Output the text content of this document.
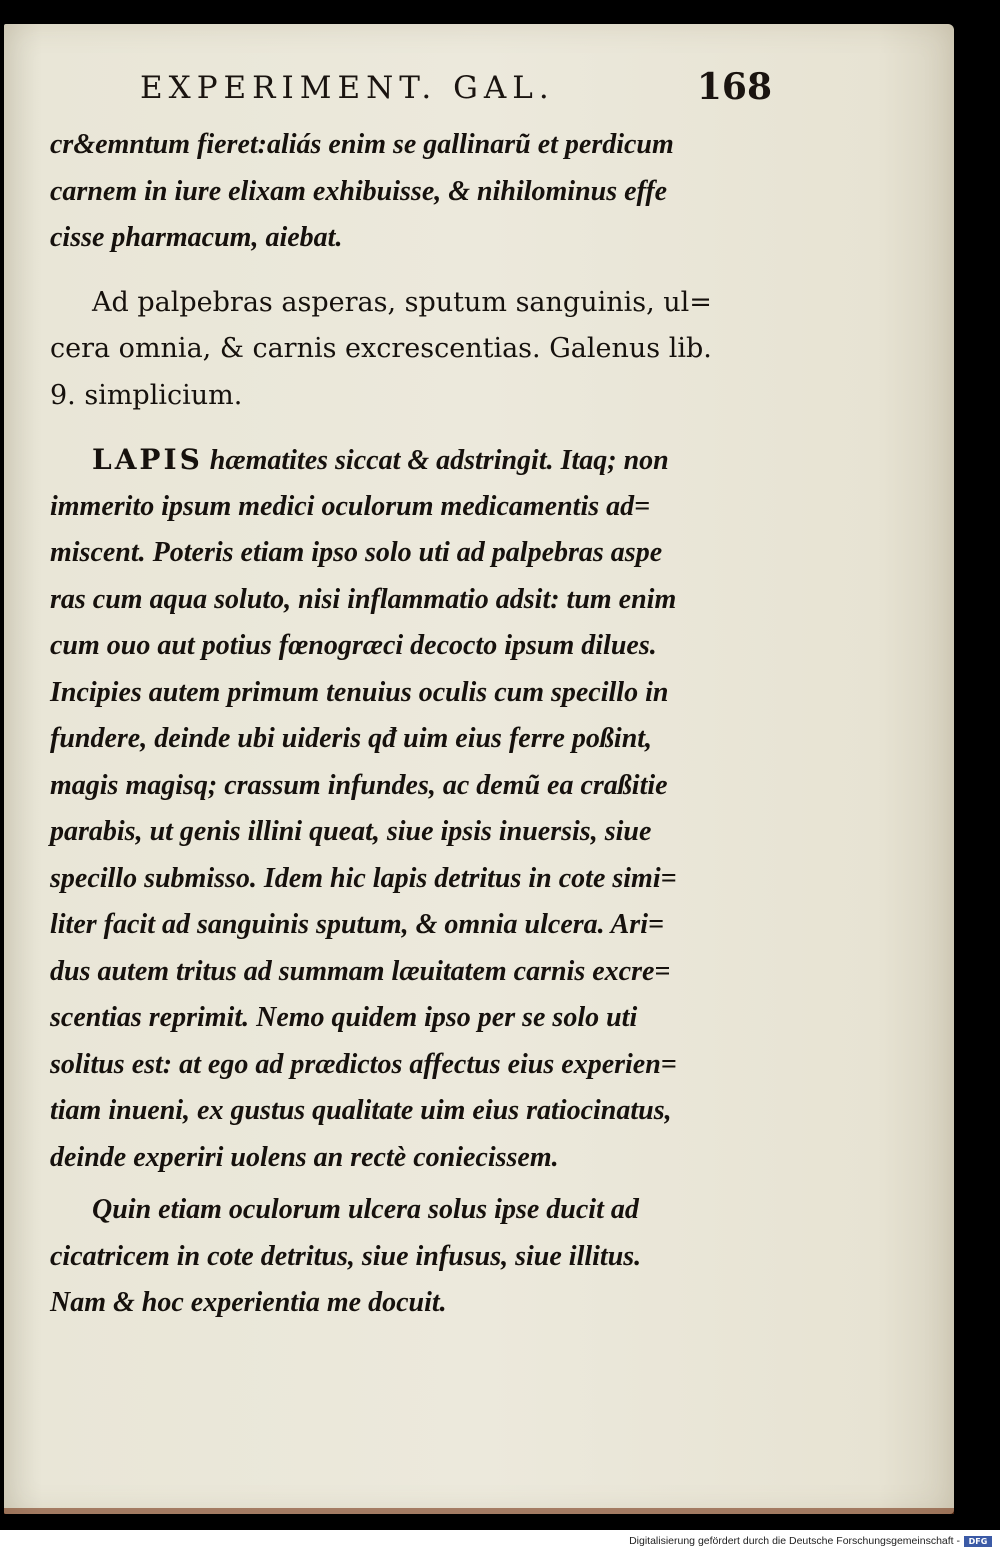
EXPERIMENT. GAL.	168
cr&emntum fieret:aliás enim se gallinarũ et perdicum
carnem in iure elixam exhibuisse, & nihilominus effe
cisse pharmacum, aiebat.
Ad palpebras asperas, sputum sanguinis, ul=
cera omnia, & carnis excrescentias. Galenus lib.
9. simplicium.
LAPIS hæmatites siccat & adstringit. Itaq; non
immerito ipsum medici oculorum medicamentis ad=
miscent. Poteris etiam ipso solo uti ad palpebras aspe
ras cum aqua soluto, nisi inflammatio adsit: tum enim
cum ouo aut potius fœnogræci decocto ipsum dilues.
Incipies autem primum tenuius oculis cum specillo in
fundere, deinde ubi uideris qđ uim eius ferre poßint,
magis magisq; crassum infundes, ac demũ ea craßitie
parabis, ut genis illini queat, siue ipsis inuersis, siue
specillo submisso. Idem hic lapis detritus in cote simi=
liter facit ad sanguinis sputum, & omnia ulcera. Ari=
dus autem tritus ad summam læuitatem carnis excre=
scentias reprimit. Nemo quidem ipso per se solo uti
solitus est: at ego ad prædictos affectus eius experien=
tiam inueni, ex gustus qualitate uim eius ratiocinatus,
deinde experiri uolens an rectè coniecissem.
Quin etiam oculorum ulcera solus ipse ducit ad
cicatricem in cote detritus, siue infusus, siue illitus.
Nam & hoc experientia me docuit.
Digitalisierung gefördert durch die Deutsche Forschungsgemeinschaft -	DFG
